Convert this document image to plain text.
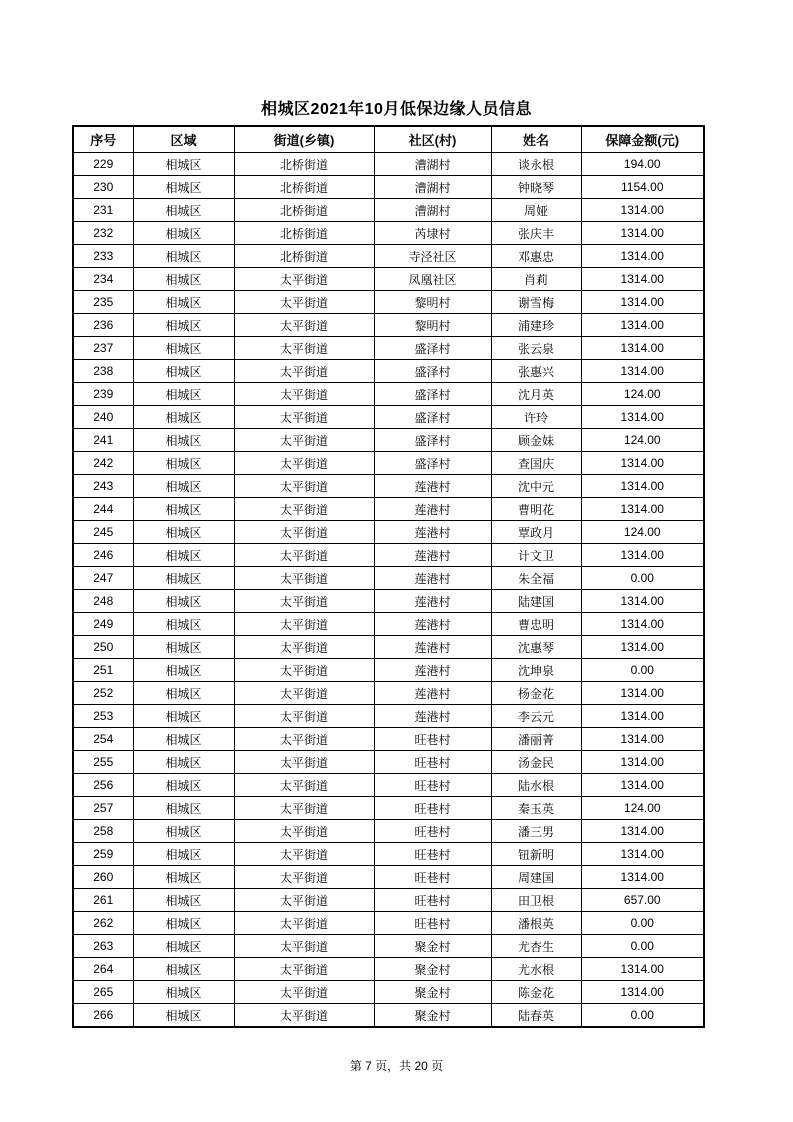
相城区2021年10月低保边缘人员信息
序号	区域	街道(乡镇)	社区(村)	姓名	保障金额(元)
229	相城区	北桥街道	漕湖村	谈永根	194.00
230	相城区	北桥街道	漕湖村	钟晓琴	1154.00
231	相城区	北桥街道	漕湖村	周娅	1314.00
232	相城区	北桥街道	芮埭村	张庆丰	1314.00
233	相城区	北桥街道	寺泾社区	邓惠忠	1314.00
234	相城区	太平街道	凤凰社区	肖莉	1314.00
235	相城区	太平街道	黎明村	谢雪梅	1314.00
236	相城区	太平街道	黎明村	浦建珍	1314.00
237	相城区	太平街道	盛泽村	张云泉	1314.00
238	相城区	太平街道	盛泽村	张惠兴	1314.00
239	相城区	太平街道	盛泽村	沈月英	124.00
240	相城区	太平街道	盛泽村	许玲	1314.00
241	相城区	太平街道	盛泽村	顾金妹	124.00
242	相城区	太平街道	盛泽村	查国庆	1314.00
243	相城区	太平街道	莲港村	沈中元	1314.00
244	相城区	太平街道	莲港村	曹明花	1314.00
245	相城区	太平街道	莲港村	覃政月	124.00
246	相城区	太平街道	莲港村	计文卫	1314.00
247	相城区	太平街道	莲港村	朱全福	0.00
248	相城区	太平街道	莲港村	陆建国	1314.00
249	相城区	太平街道	莲港村	曹忠明	1314.00
250	相城区	太平街道	莲港村	沈惠琴	1314.00
251	相城区	太平街道	莲港村	沈坤泉	0.00
252	相城区	太平街道	莲港村	杨金花	1314.00
253	相城区	太平街道	莲港村	李云元	1314.00
254	相城区	太平街道	旺巷村	潘丽菁	1314.00
255	相城区	太平街道	旺巷村	汤金民	1314.00
256	相城区	太平街道	旺巷村	陆水根	1314.00
257	相城区	太平街道	旺巷村	秦玉英	124.00
258	相城区	太平街道	旺巷村	潘三男	1314.00
259	相城区	太平街道	旺巷村	钮新明	1314.00
260	相城区	太平街道	旺巷村	周建国	1314.00
261	相城区	太平街道	旺巷村	田卫根	657.00
262	相城区	太平街道	旺巷村	潘根英	0.00
263	相城区	太平街道	聚金村	尤杏生	0.00
264	相城区	太平街道	聚金村	尤水根	1314.00
265	相城区	太平街道	聚金村	陈金花	1314.00
266	相城区	太平街道	聚金村	陆春英	0.00
第 7 页，共 20 页
